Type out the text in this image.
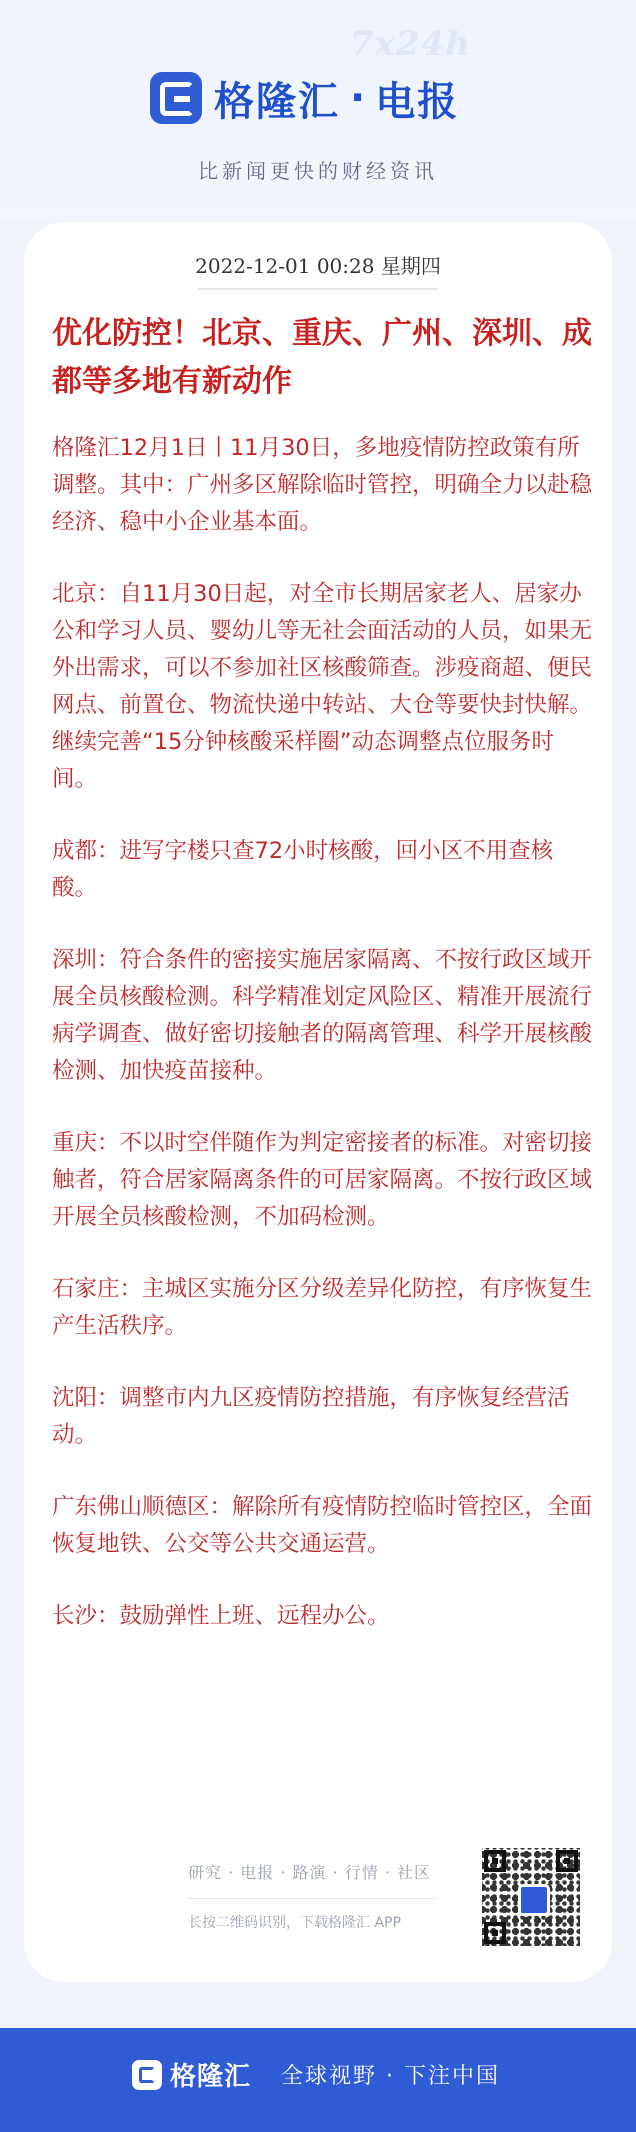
7x24h
格隆汇 · 电报
比新闻更快的财经资讯
2022-12-01 00:28 星期四
优化防控！北京、重庆、广州、深圳、成都等多地有新动作

格隆汇12月1日丨11月30日，多地疫情防控政策有所调整。其中：广州多区解除临时管控，明确全力以赴稳经济、稳中小企业基本面。

北京：自11月30日起，对全市长期居家老人、居家办公和学习人员、婴幼儿等无社会面活动的人员，如果无外出需求，可以不参加社区核酸筛查。涉疫商超、便民网点、前置仓、物流快递中转站、大仓等要快封快解。继续完善“15分钟核酸采样圈”动态调整点位服务时间。

成都：进写字楼只查72小时核酸，回小区不用查核酸。

深圳：符合条件的密接实施居家隔离、不按行政区域开展全员核酸检测。科学精准划定风险区、精准开展流行病学调查、做好密切接触者的隔离管理、科学开展核酸检测、加快疫苗接种。

重庆：不以时空伴随作为判定密接者的标准。对密切接触者，符合居家隔离条件的可居家隔离。不按行政区域开展全员核酸检测，不加码检测。

石家庄：主城区实施分区分级差异化防控，有序恢复生产生活秩序。

沈阳：调整市内九区疫情防控措施，有序恢复经营活动。

广东佛山顺德区：解除所有疫情防控临时管控区，全面恢复地铁、公交等公共交通运营。

长沙：鼓励弹性上班、远程办公。

研究 · 电报 · 路演 · 行情 · 社区
长按二维码识别，下载格隆汇 APP
格隆汇 全球视野 · 下注中国
